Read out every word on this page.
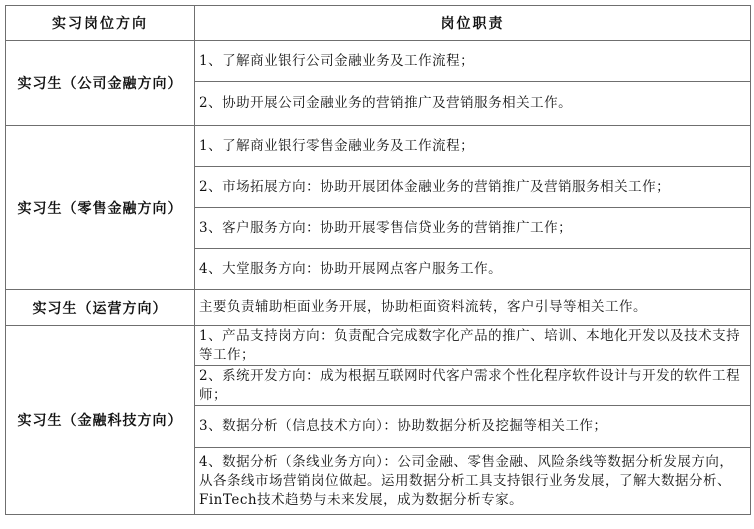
实习岗位方向	岗位职责
实习生（公司金融方向）	1、了解商业银行公司金融业务及工作流程；
	2、协助开展公司金融业务的营销推广及营销服务相关工作。
实习生（零售金融方向）	1、了解商业银行零售金融业务及工作流程；
	2、市场拓展方向：协助开展团体金融业务的营销推广及营销服务相关工作；
	3、客户服务方向：协助开展零售信贷业务的营销推广工作；
	4、大堂服务方向：协助开展网点客户服务工作。
实习生（运营方向）	主要负责辅助柜面业务开展，协助柜面资料流转，客户引导等相关工作。
实习生（金融科技方向）	1、产品支持岗方向：负责配合完成数字化产品的推广、培训、本地化开发以及技术支持等工作；
	2、系统开发方向：成为根据互联网时代客户需求个性化程序软件设计与开发的软件工程师；
	3、数据分析（信息技术方向）：协助数据分析及挖掘等相关工作；
	4、数据分析（条线业务方向）：公司金融、零售金融、风险条线等数据分析发展方向，从各条线市场营销岗位做起。运用数据分析工具支持银行业务发展，了解大数据分析、FinTech技术趋势与未来发展，成为数据分析专家。
